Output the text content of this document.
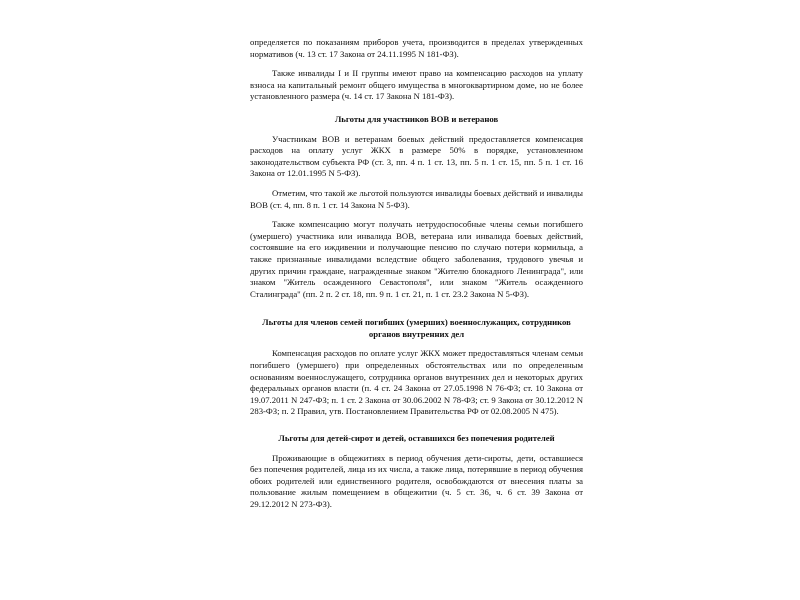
определяется по показаниям приборов учета, производится в пределах утвержденных нормативов (ч. 13 ст. 17 Закона от 24.11.1995 N 181-ФЗ).

Также инвалиды I и II группы имеют право на компенсацию расходов на уплату взноса на капитальный ремонт общего имущества в многоквартирном доме, но не более установленного размера (ч. 14 ст. 17 Закона N 181-ФЗ).

Льготы для участников ВОВ и ветеранов

Участникам ВОВ и ветеранам боевых действий предоставляется компенсация расходов на оплату услуг ЖКХ в размере 50% в порядке, установленном законодательством субъекта РФ (ст. 3, пп. 4 п. 1 ст. 13, пп. 5 п. 1 ст. 15, пп. 5 п. 1 ст. 16 Закона от 12.01.1995 N 5-ФЗ).

Отметим, что такой же льготой пользуются инвалиды боевых действий и инвалиды ВОВ (ст. 4, пп. 8 п. 1 ст. 14 Закона N 5-ФЗ).

Также компенсацию могут получать нетрудоспособные члены семьи погибшего (умершего) участника или инвалида ВОВ, ветерана или инвалида боевых действий, состоявшие на его иждивении и получающие пенсию по случаю потери кормильца, а также признанные инвалидами вследствие общего заболевания, трудового увечья и других причин граждане, награжденные знаком "Жителю блокадного Ленинграда", или знаком "Житель осажденного Севастополя", или знаком "Житель осажденного Сталинграда" (пп. 2 п. 2 ст. 18, пп. 9 п. 1 ст. 21, п. 1 ст. 23.2 Закона N 5-ФЗ).

Льготы для членов семей погибших (умерших) военнослужащих, сотрудников органов внутренних дел

Компенсация расходов по оплате услуг ЖКХ может предоставляться членам семьи погибшего (умершего) при определенных обстоятельствах или по определенным основаниям военнослужащего, сотрудника органов внутренних дел и некоторых других федеральных органов власти (п. 4 ст. 24 Закона от 27.05.1998 N 76-ФЗ; ст. 10 Закона от 19.07.2011 N 247-ФЗ; п. 1 ст. 2 Закона от 30.06.2002 N 78-ФЗ; ст. 9 Закона от 30.12.2012 N 283-ФЗ; п. 2 Правил, утв. Постановлением Правительства РФ от 02.08.2005 N 475).

Льготы для детей-сирот и детей, оставшихся без попечения родителей

Проживающие в общежитиях в период обучения дети-сироты, дети, оставшиеся без попечения родителей, лица из их числа, а также лица, потерявшие в период обучения обоих родителей или единственного родителя, освобождаются от внесения платы за пользование жилым помещением в общежитии (ч. 5 ст. 36, ч. 6 ст. 39 Закона от 29.12.2012 N 273-ФЗ).
